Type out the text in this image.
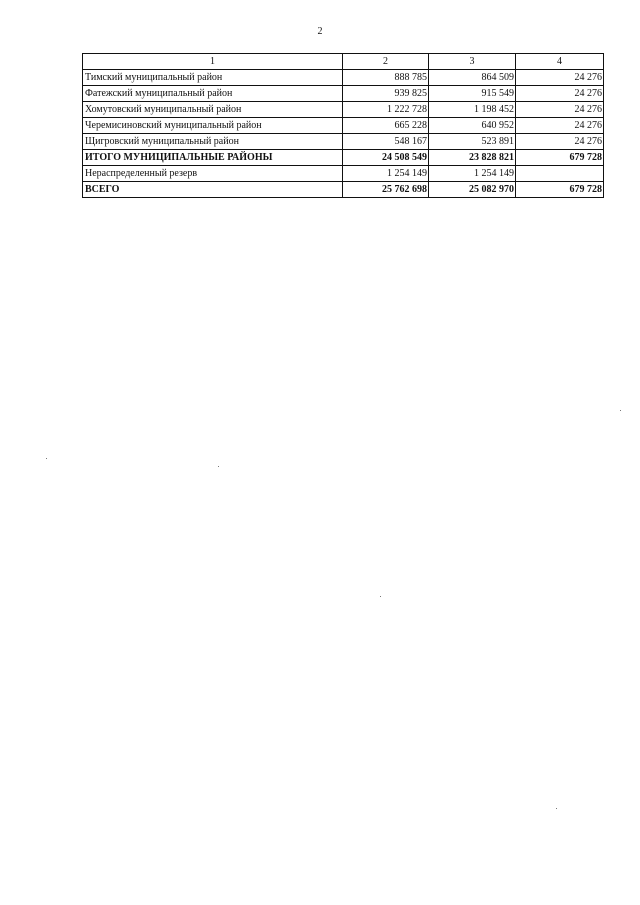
2
1	2	3	4
Тимский муниципальный район	888 785	864 509	24 276
Фатежский муниципальный район	939 825	915 549	24 276
Хомутовский муниципальный район	1 222 728	1 198 452	24 276
Черемисиновский муниципальный район	665 228	640 952	24 276
Щигровский муниципальный район	548 167	523 891	24 276
ИТОГО МУНИЦИПАЛЬНЫЕ РАЙОНЫ	24 508 549	23 828 821	679 728
Нераспределенный резерв	1 254 149	1 254 149	
ВСЕГО	25 762 698	25 082 970	679 728
